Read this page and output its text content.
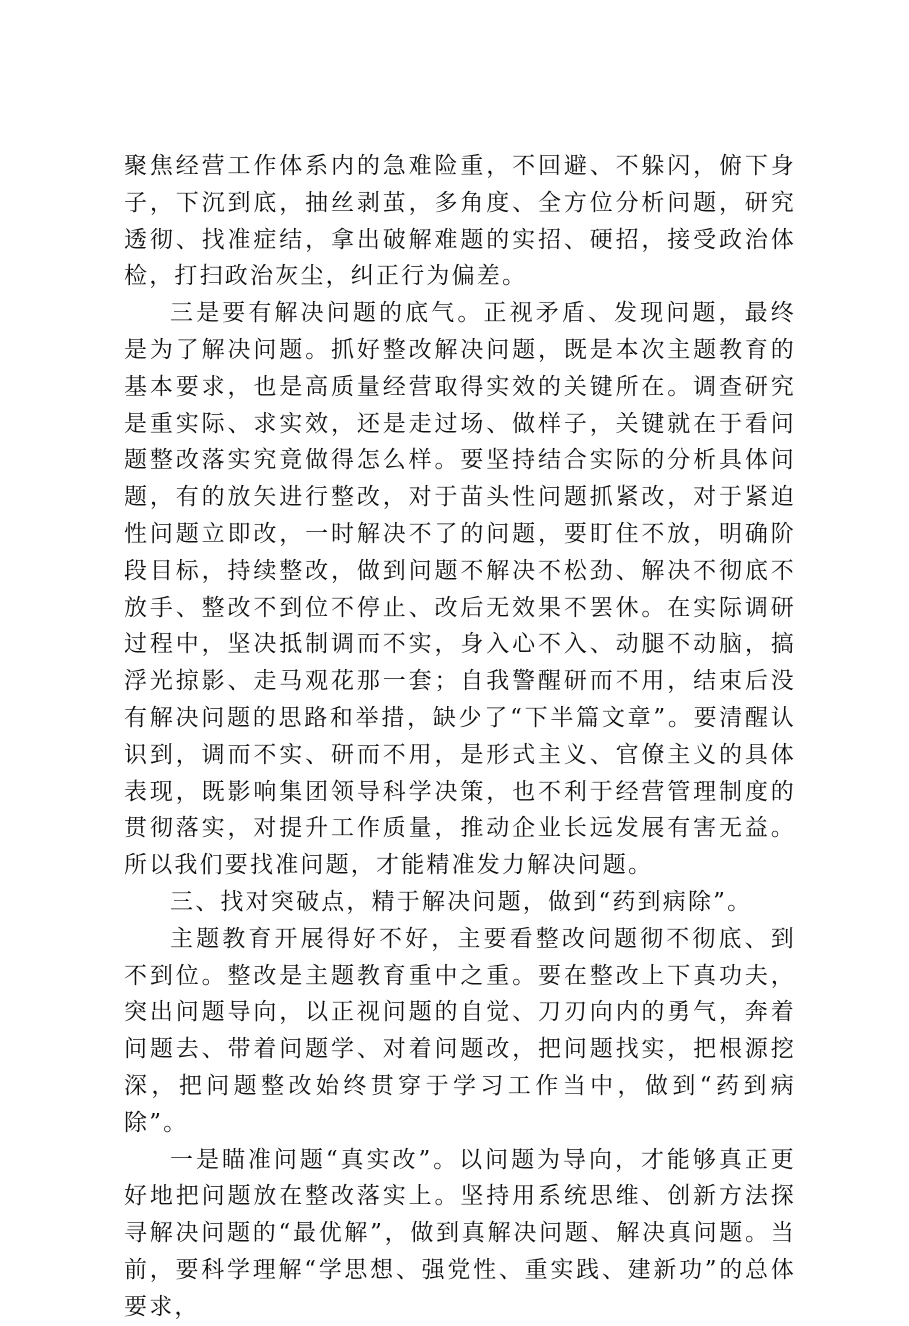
聚焦经营工作体系内的急难险重，不回避、不躲闪，俯下身子，下沉到底，抽丝剥茧，多角度、全方位分析问题，研究透彻、找准症结，拿出破解难题的实招、硬招，接受政治体检，打扫政治灰尘，纠正行为偏差。

三是要有解决问题的底气。正视矛盾、发现问题，最终是为了解决问题。抓好整改解决问题，既是本次主题教育的基本要求，也是高质量经营取得实效的关键所在。调查研究是重实际、求实效，还是走过场、做样子，关键就在于看问题整改落实究竟做得怎么样。要坚持结合实际的分析具体问题，有的放矢进行整改，对于苗头性问题抓紧改，对于紧迫性问题立即改，一时解决不了的问题，要盯住不放，明确阶段目标，持续整改，做到问题不解决不松劲、解决不彻底不放手、整改不到位不停止、改后无效果不罢休。在实际调研过程中，坚决抵制调而不实，身入心不入、动腿不动脑，搞浮光掠影、走马观花那一套；自我警醒研而不用，结束后没有解决问题的思路和举措，缺少了“下半篇文章”。要清醒认识到，调而不实、研而不用，是形式主义、官僚主义的具体表现，既影响集团领导科学决策，也不利于经营管理制度的贯彻落实，对提升工作质量，推动企业长远发展有害无益。所以我们要找准问题，才能精准发力解决问题。

三、找对突破点，精于解决问题，做到“药到病除”。

主题教育开展得好不好，主要看整改问题彻不彻底、到不到位。整改是主题教育重中之重。要在整改上下真功夫，突出问题导向，以正视问题的自觉、刀刃向内的勇气，奔着问题去、带着问题学、对着问题改，把问题找实，把根源挖深，把问题整改始终贯穿于学习工作当中，做到“药到病除”。

一是瞄准问题“真实改”。以问题为导向，才能够真正更好地把问题放在整改落实上。坚持用系统思维、创新方法探寻解决问题的“最优解”，做到真解决问题、解决真问题。当前，要科学理解“学思想、强党性、重实践、建新功”的总体要求，
